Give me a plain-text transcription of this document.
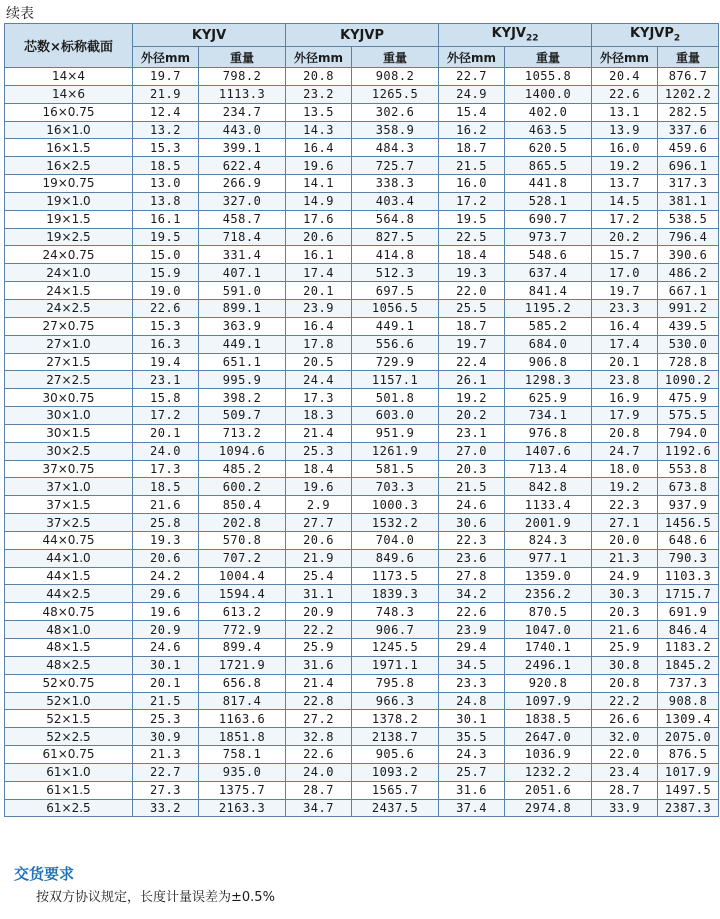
续表
芯数×标称截面	KYJV		KYJVP		$KYJV_{22}$		$KYJVP_2$
	外径mm	重量	外径mm	重量	外径mm	重量	外径mm	重量
14×4	19.7	798.2	20.8	908.2	22.7	1055.8	20.4	876.7
14×6	21.9	1113.3	23.2	1265.5	24.9	1400.0	22.6	1202.2
16×0.75	12.4	234.7	13.5	302.6	15.4	402.0	13.1	282.5
16×1.0	13.2	443.0	14.3	358.9	16.2	463.5	13.9	337.6
16×1.5	15.3	399.1	16.4	484.3	18.7	620.5	16.0	459.6
16×2.5	18.5	622.4	19.6	725.7	21.5	865.5	19.2	696.1
19×0.75	13.0	266.9	14.1	338.3	16.0	441.8	13.7	317.3
19×1.0	13.8	327.0	14.9	403.4	17.2	528.1	14.5	381.1
19×1.5	16.1	458.7	17.6	564.8	19.5	690.7	17.2	538.5
19×2.5	19.5	718.4	20.6	827.5	22.5	973.7	20.2	796.4
24×0.75	15.0	331.4	16.1	414.8	18.4	548.6	15.7	390.6
24×1.0	15.9	407.1	17.4	512.3	19.3	637.4	17.0	486.2
24×1.5	19.0	591.0	20.1	697.5	22.0	841.4	19.7	667.1
24×2.5	22.6	899.1	23.9	1056.5	25.5	1195.2	23.3	991.2
27×0.75	15.3	363.9	16.4	449.1	18.7	585.2	16.4	439.5
27×1.0	16.3	449.1	17.8	556.6	19.7	684.0	17.4	530.0
27×1.5	19.4	651.1	20.5	729.9	22.4	906.8	20.1	728.8
27×2.5	23.1	995.9	24.4	1157.1	26.1	1298.3	23.8	1090.2
30×0.75	15.8	398.2	17.3	501.8	19.2	625.9	16.9	475.9
30×1.0	17.2	509.7	18.3	603.0	20.2	734.1	17.9	575.5
30×1.5	20.1	713.2	21.4	951.9	23.1	976.8	20.8	794.0
30×2.5	24.0	1094.6	25.3	1261.9	27.0	1407.6	24.7	1192.6
37×0.75	17.3	485.2	18.4	581.5	20.3	713.4	18.0	553.8
37×1.0	18.5	600.2	19.6	703.3	21.5	842.8	19.2	673.8
37×1.5	21.6	850.4	2.9	1000.3	24.6	1133.4	22.3	937.9
37×2.5	25.8	202.8	27.7	1532.2	30.6	2001.9	27.1	1456.5
44×0.75	19.3	570.8	20.6	704.0	22.3	824.3	20.0	648.6
44×1.0	20.6	707.2	21.9	849.6	23.6	977.1	21.3	790.3
44×1.5	24.2	1004.4	25.4	1173.5	27.8	1359.0	24.9	1103.3
44×2.5	29.6	1594.4	31.1	1839.3	34.2	2356.2	30.3	1715.7
48×0.75	19.6	613.2	20.9	748.3	22.6	870.5	20.3	691.9
48×1.0	20.9	772.9	22.2	906.7	23.9	1047.0	21.6	846.4
48×1.5	24.6	899.4	25.9	1245.5	29.4	1740.1	25.9	1183.2
48×2.5	30.1	1721.9	31.6	1971.1	34.5	2496.1	30.8	1845.2
52×0.75	20.1	656.8	21.4	795.8	23.3	920.8	20.8	737.3
52×1.0	21.5	817.4	22.8	966.3	24.8	1097.9	22.2	908.8
52×1.5	25.3	1163.6	27.2	1378.2	30.1	1838.5	26.6	1309.4
52×2.5	30.9	1851.8	32.8	2138.7	35.5	2647.0	32.0	2075.0
61×0.75	21.3	758.1	22.6	905.6	24.3	1036.9	22.0	876.5
61×1.0	22.7	935.0	24.0	1093.2	25.7	1232.2	23.4	1017.9
61×1.5	27.3	1375.7	28.7	1565.7	31.6	2051.6	28.7	1497.5
61×2.5	33.2	2163.3	34.7	2437.5	37.4	2974.8	33.9	2387.3
交货要求
按双方协议规定，长度计量误差为±0.5%
